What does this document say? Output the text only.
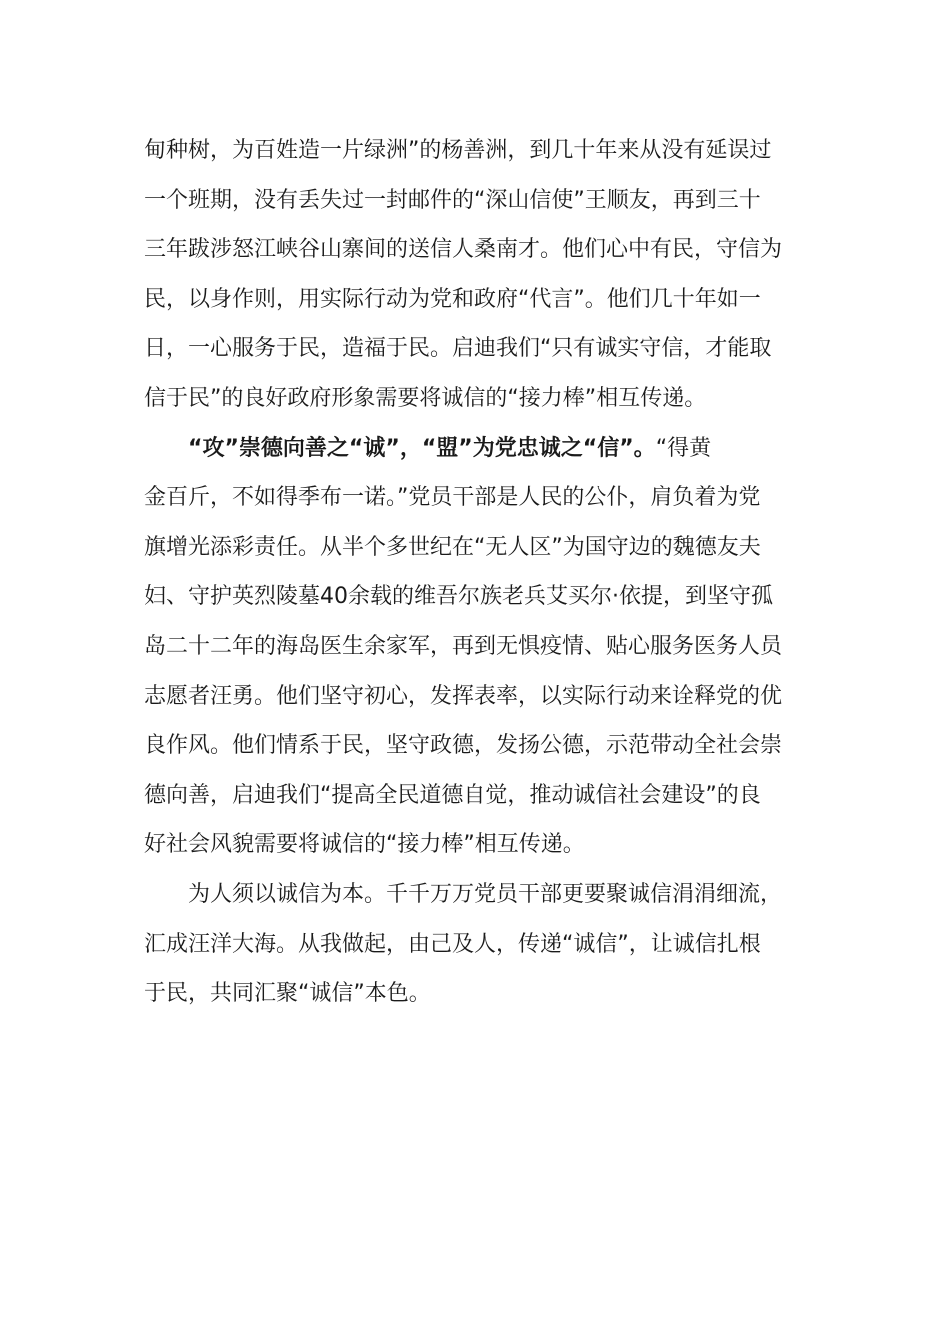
甸种树，为百姓造一片绿洲”的杨善洲，到几十年来从没有延误过
一个班期，没有丢失过一封邮件的“深山信使”王顺友，再到三十
三年跋涉怒江峡谷山寨间的送信人桑南才。他们心中有民，守信为
民，以身作则，用实际行动为党和政府“代言”。他们几十年如一
日，一心服务于民，造福于民。启迪我们“只有诚实守信，才能取
信于民”的良好政府形象需要将诚信的“接力棒”相互传递。
“攻”崇德向善之“诚”，“盟”为党忠诚之“信”。“得黄
金百斤，不如得季布一诺。”党员干部是人民的公仆，肩负着为党
旗增光添彩责任。从半个多世纪在“无人区”为国守边的魏德友夫
妇、守护英烈陵墓40余载的维吾尔族老兵艾买尔·依提，到坚守孤
岛二十二年的海岛医生余家军，再到无惧疫情、贴心服务医务人员
志愿者汪勇。他们坚守初心，发挥表率，以实际行动来诠释党的优
良作风。他们情系于民，坚守政德，发扬公德，示范带动全社会崇
德向善，启迪我们“提高全民道德自觉，推动诚信社会建设”的良
好社会风貌需要将诚信的“接力棒”相互传递。
为人须以诚信为本。千千万万党员干部更要聚诚信涓涓细流，
汇成汪洋大海。从我做起，由己及人，传递“诚信”，让诚信扎根
于民，共同汇聚“诚信”本色。
